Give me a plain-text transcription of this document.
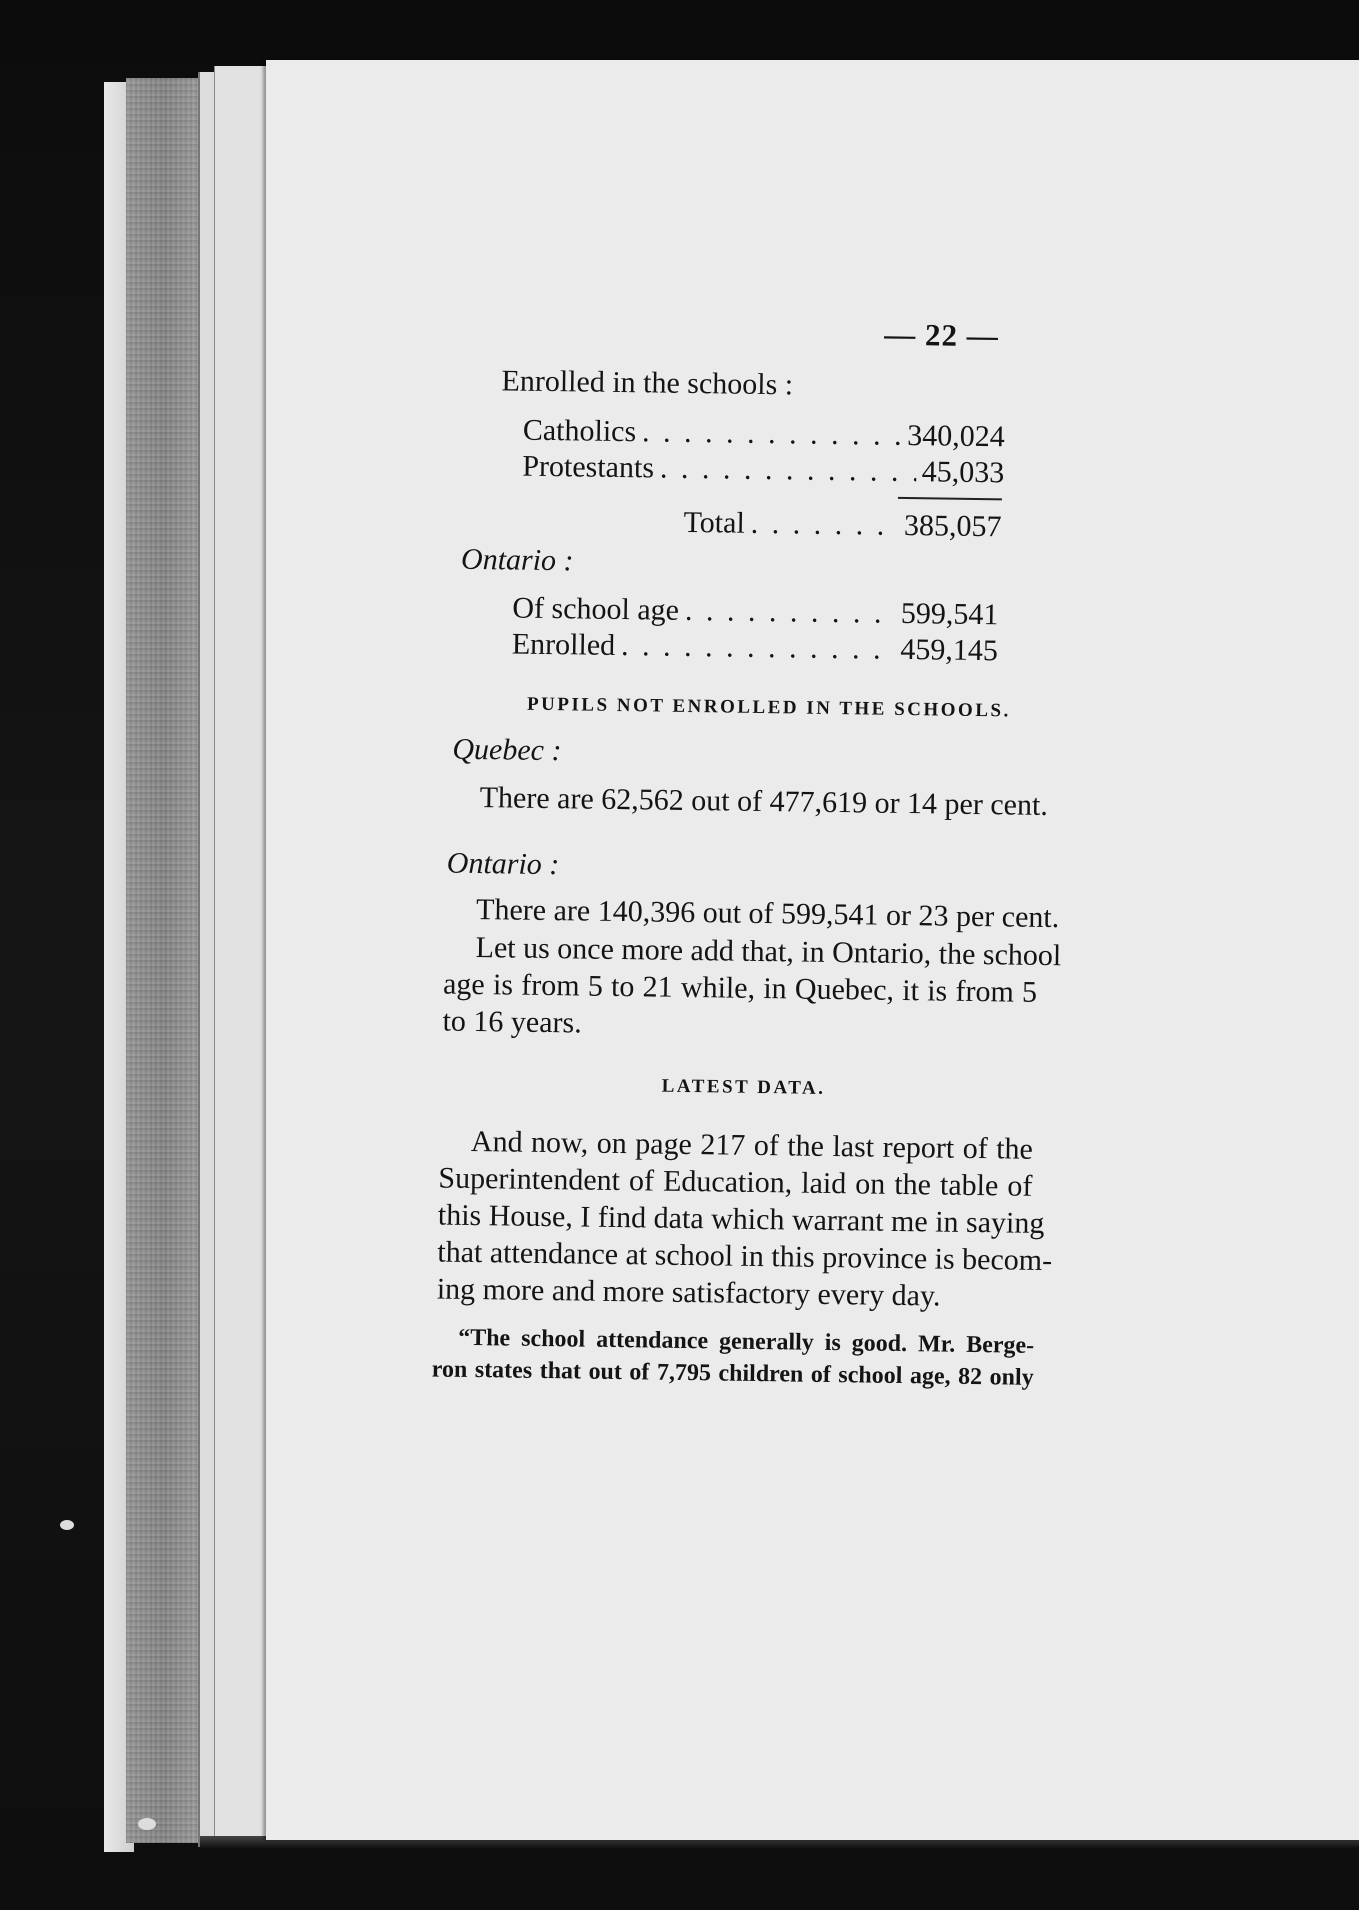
— 22 —
Enrolled in the schools :
Catholics . . .	340,024
Protestants . . .	45,033
Total . . .	385,057
Ontario :
Of school age . . .	599,541
Enrolled . . .	459,145
PUPILS NOT ENROLLED IN THE SCHOOLS.
Quebec :
There are 62,562 out of 477,619 or 14 per cent.
Ontario :
There are 140,396 out of 599,541 or 23 per cent.
Let us once more add that, in Ontario, the school
age is from 5 to 21 while, in Quebec, it is from 5
to 16 years.
LATEST DATA.
And now, on page 217 of the last report of the
Superintendent of Education, laid on the table of
this House, I find data which warrant me in saying
that attendance at school in this province is becom-
ing more and more satisfactory every day.
“The school attendance generally is good. Mr. Berge-
ron states that out of 7,795 children of school age, 82 only
